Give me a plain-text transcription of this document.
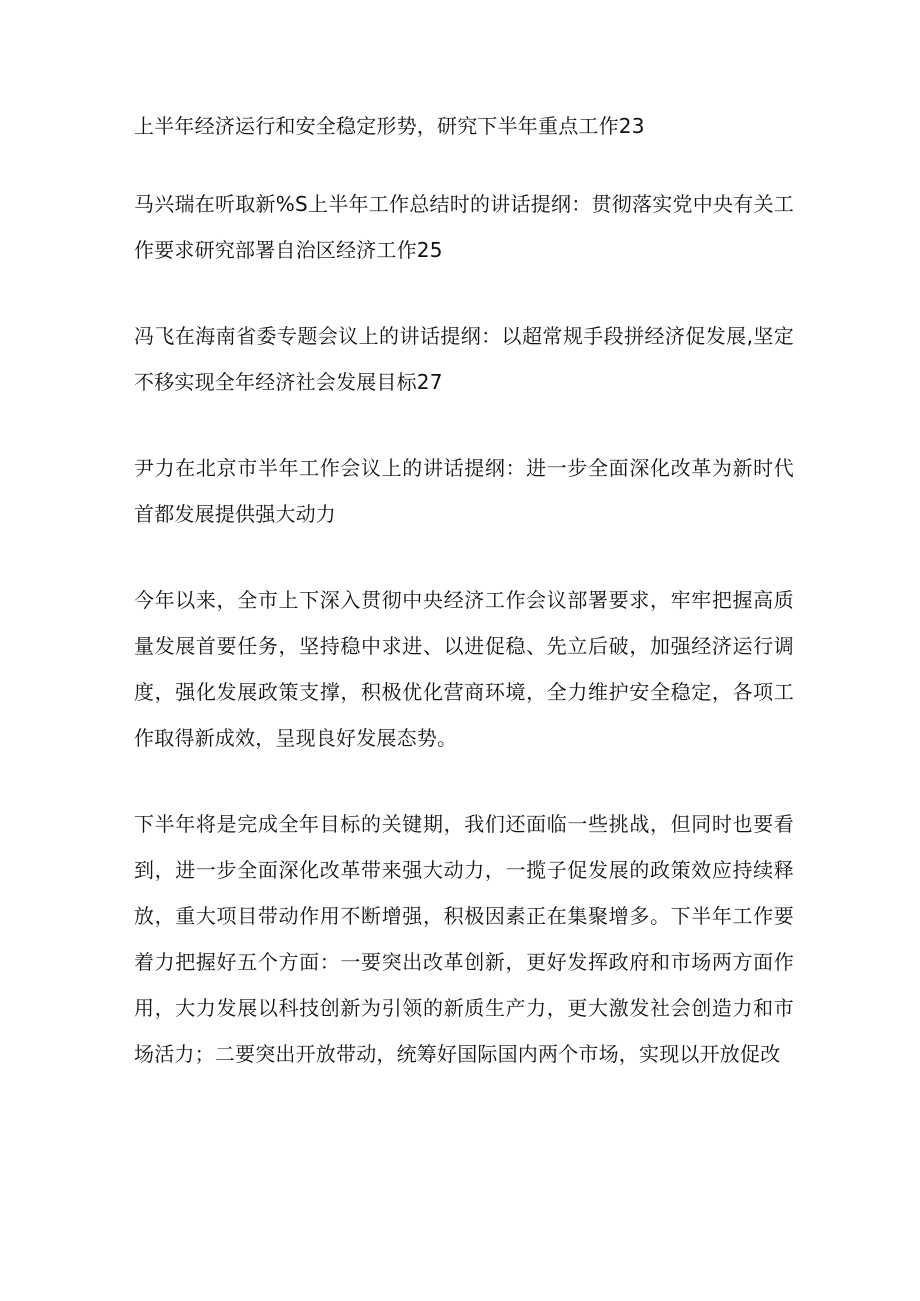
上半年经济运行和安全稳定形势，研究下半年重点工作23

马兴瑞在听取新%S上半年工作总结时的讲话提纲：贯彻落实党中央有关工作要求研究部署自治区经济工作25

冯飞在海南省委专题会议上的讲话提纲：以超常规手段拼经济促发展,坚定不移实现全年经济社会发展目标27

尹力在北京市半年工作会议上的讲话提纲：进一步全面深化改革为新时代首都发展提供强大动力

今年以来，全市上下深入贯彻中央经济工作会议部署要求，牢牢把握高质量发展首要任务，坚持稳中求进、以进促稳、先立后破，加强经济运行调度，强化发展政策支撑，积极优化营商环境，全力维护安全稳定，各项工作取得新成效，呈现良好发展态势。

下半年将是完成全年目标的关键期，我们还面临一些挑战，但同时也要看到，进一步全面深化改革带来强大动力，一揽子促发展的政策效应持续释放，重大项目带动作用不断增强，积极因素正在集聚增多。下半年工作要着力把握好五个方面：一要突出改革创新，更好发挥政府和市场两方面作用，大力发展以科技创新为引领的新质生产力，更大激发社会创造力和市场活力；二要突出开放带动，统筹好国际国内两个市场，实现以开放促改
